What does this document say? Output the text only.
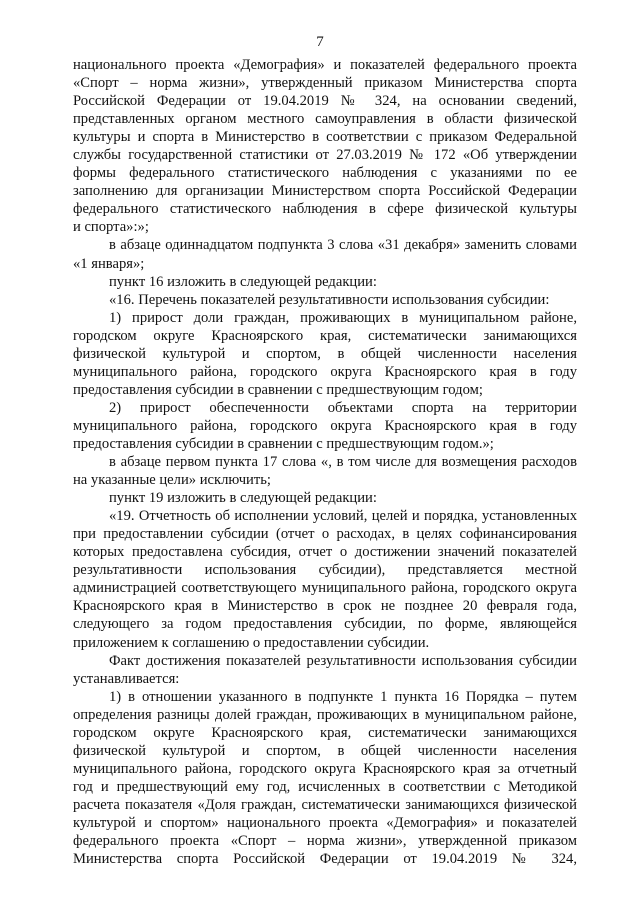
7
национального проекта «Демография» и показателей федерального проекта
«Спорт – норма жизни», утвержденный приказом Министерства спорта
Российской Федерации от 19.04.2019 № 324, на основании сведений,
представленных органом местного самоуправления в области физической
культуры и спорта в Министерство в соответствии с приказом Федеральной
службы государственной статистики от 27.03.2019 № 172 «Об утверждении
формы федерального статистического наблюдения с указаниями по ее
заполнению для организации Министерством спорта Российской Федерации
федерального статистического наблюдения в сфере физической культуры
и спорта»:»;
в абзаце одиннадцатом подпункта 3 слова «31 декабря» заменить словами
«1 января»;
пункт 16 изложить в следующей редакции:
«16. Перечень показателей результативности использования субсидии:
1) прирост доли граждан, проживающих в муниципальном районе,
городском округе Красноярского края, систематически занимающихся
физической культурой и спортом, в общей численности населения
муниципального района, городского округа Красноярского края в году
предоставления субсидии в сравнении с предшествующим годом;
2) прирост обеспеченности объектами спорта на территории
муниципального района, городского округа Красноярского края в году
предоставления субсидии в сравнении с предшествующим годом.»;
в абзаце первом пункта 17 слова «, в том числе для возмещения расходов
на указанные цели» исключить;
пункт 19 изложить в следующей редакции:
«19. Отчетность об исполнении условий, целей и порядка, установленных
при предоставлении субсидии (отчет о расходах, в целях софинансирования
которых предоставлена субсидия, отчет о достижении значений показателей
результативности использования субсидии), представляется местной
администрацией соответствующего муниципального района, городского округа
Красноярского края в Министерство в срок не позднее 20 февраля года,
следующего за годом предоставления субсидии, по форме, являющейся
приложением к соглашению о предоставлении субсидии.
Факт достижения показателей результативности использования субсидии
устанавливается:
1) в отношении указанного в подпункте 1 пункта 16 Порядка – путем
определения разницы долей граждан, проживающих в муниципальном районе,
городском округе Красноярского края, систематически занимающихся
физической культурой и спортом, в общей численности населения
муниципального района, городского округа Красноярского края за отчетный
год и предшествующий ему год, исчисленных в соответствии с Методикой
расчета показателя «Доля граждан, систематически занимающихся физической
культурой и спортом» национального проекта «Демография» и показателей
федерального проекта «Спорт – норма жизни», утвержденной приказом
Министерства спорта Российской Федерации от 19.04.2019 № 324,
